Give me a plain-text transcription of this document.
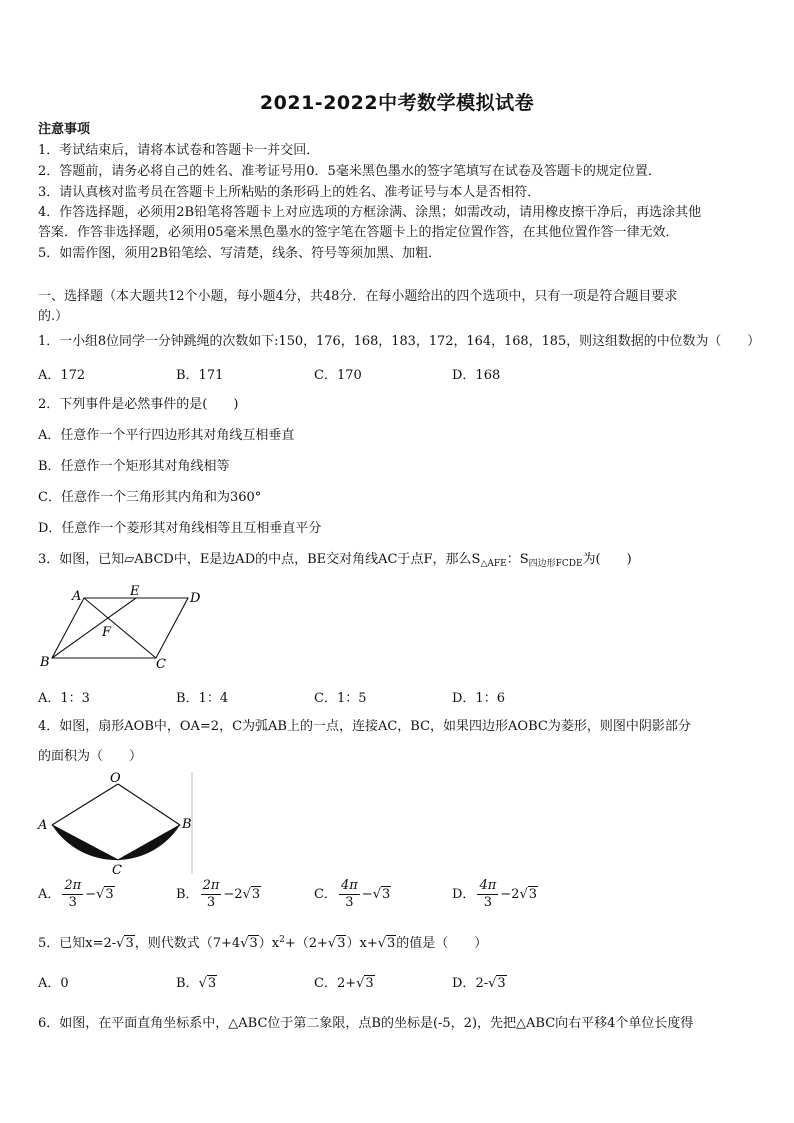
2021-2022中考数学模拟试卷
注意事项
1．考试结束后，请将本试卷和答题卡一并交回．
2．答题前，请务必将自己的姓名、准考证号用0．5毫米黑色墨水的签字笔填写在试卷及答题卡的规定位置．
3．请认真核对监考员在答题卡上所粘贴的条形码上的姓名、准考证号与本人是否相符．
4．作答选择题，必须用2B铅笔将答题卡上对应选项的方框涂满、涂黑；如需改动，请用橡皮擦干净后，再选涂其他
答案．作答非选择题，必须用05毫米黑色墨水的签字笔在答题卡上的指定位置作答，在其他位置作答一律无效．
5．如需作图，须用2B铅笔绘、写清楚，线条、符号等须加黑、加粗．
一、选择题（本大题共12个小题，每小题4分，共48分．在每小题给出的四个选项中，只有一项是符合题目要求
的.）
1．一小组8位同学一分钟跳绳的次数如下:150，176，168，183，172，164，168，185，则这组数据的中位数为（　　）
A．172	B．171	C．170	D．168
2．下列事件是必然事件的是(　　)
A．任意作一个平行四边形其对角线互相垂直
B．任意作一个矩形其对角线相等
C．任意作一个三角形其内角和为360°
D．任意作一个菱形其对角线相等且互相垂直平分
3．如图，已知▱ABCD中，E是边AD的中点，BE交对角线AC于点F，那么$S_{\triangle AFE}$：$S_{四边形FCDE}$为(　　)
A	E	D
F
B	C
A．1：3	B．1：4	C．1：5	D．1：6
4．如图，扇形AOB中，OA=2，C为弧AB上的一点，连接AC，BC，如果四边形AOBC为菱形，则图中阴影部分
的面积为（　　）
O
A	B
C
A． $\frac{2\pi}{3} -√3$	B． $\frac{2\pi}{3} -2√3$	C． $\frac{4\pi}{3} -√3$	D． $\frac{4\pi}{3} -2√3$
5．已知x=2-√3，则代数式$(7+4√3)x^2+(2+√3)x+√3$的值是（　　）
A．0	B．√3	C．2+√3	D．2-√3
6．如图，在平面直角坐标系中，△ABC位于第二象限，点B的坐标是(-5，2)，先把△ABC向右平移4个单位长度得
